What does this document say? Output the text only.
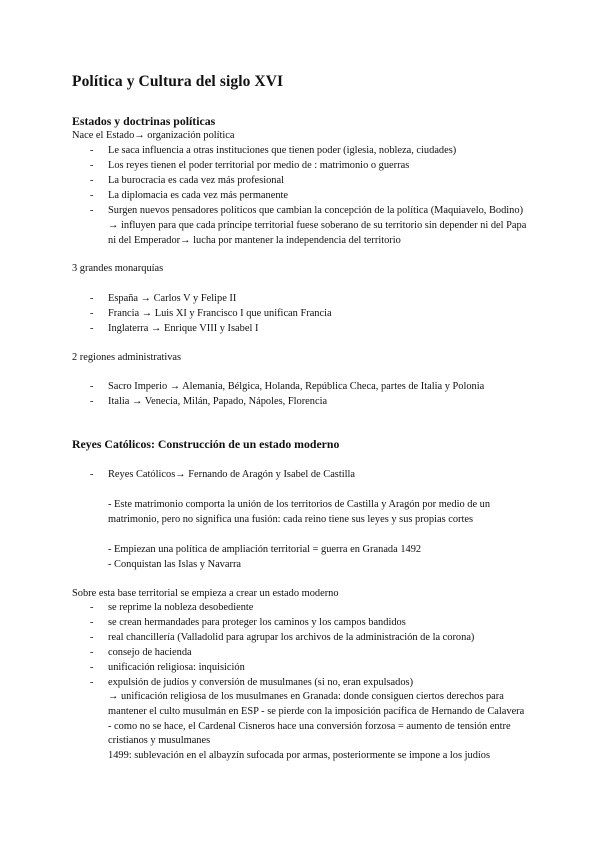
Política y Cultura del siglo XVI
Estados y doctrinas políticas
Nace el Estado→ organización política
- Le saca influencia a otras instituciones que tienen poder (iglesia, nobleza, ciudades)
- Los reyes tienen el poder territorial por medio de : matrimonio o guerras
- La burocracia es cada vez más profesional
- La diplomacia es cada vez más permanente
- Surgen nuevos pensadores políticos que cambian la concepción de la política (Maquiavelo, Bodino) → influyen para que cada príncipe territorial fuese soberano de su territorio sin depender ni del Papa ni del Emperador→ lucha por mantener la independencia del territorio
3 grandes monarquías
- España → Carlos V y Felipe II
- Francia → Luis XI y Francisco I que unifican Francia
- Inglaterra → Enrique VIII y Isabel I
2 regiones administrativas
- Sacro Imperio → Alemania, Bélgica, Holanda, República Checa, partes de Italia y Polonia
- Italia → Venecia, Milán, Papado, Nápoles, Florencia
Reyes Católicos: Construcción de un estado moderno
- Reyes Católicos→ Fernando de Aragón y Isabel de Castilla
- Este matrimonio comporta la unión de los territorios de Castilla y Aragón por medio de un matrimonio, pero no significa una fusión: cada reino tiene sus leyes y sus propias cortes
- Empiezan una política de ampliación territorial = guerra en Granada 1492
- Conquistan las Islas y Navarra
Sobre esta base territorial se empieza a crear un estado moderno
- se reprime la nobleza desobediente
- se crean hermandades para proteger los caminos y los campos bandidos
- real chancillería (Valladolid para agrupar los archivos de la administración de la corona)
- consejo de hacienda
- unificación religiosa: inquisición
- expulsión de judíos y conversión de musulmanes (si no, eran expulsados)
→ unificación religiosa de los musulmanes en Granada: donde consiguen ciertos derechos para mantener el culto musulmán en ESP - se pierde con la imposición pacífica de Hernando de Calavera - como no se hace, el Cardenal Cisneros hace una conversión forzosa = aumento de tensión entre cristianos y musulmanes
1499: sublevación en el albayzín sufocada por armas, posteriormente se impone a los judíos
